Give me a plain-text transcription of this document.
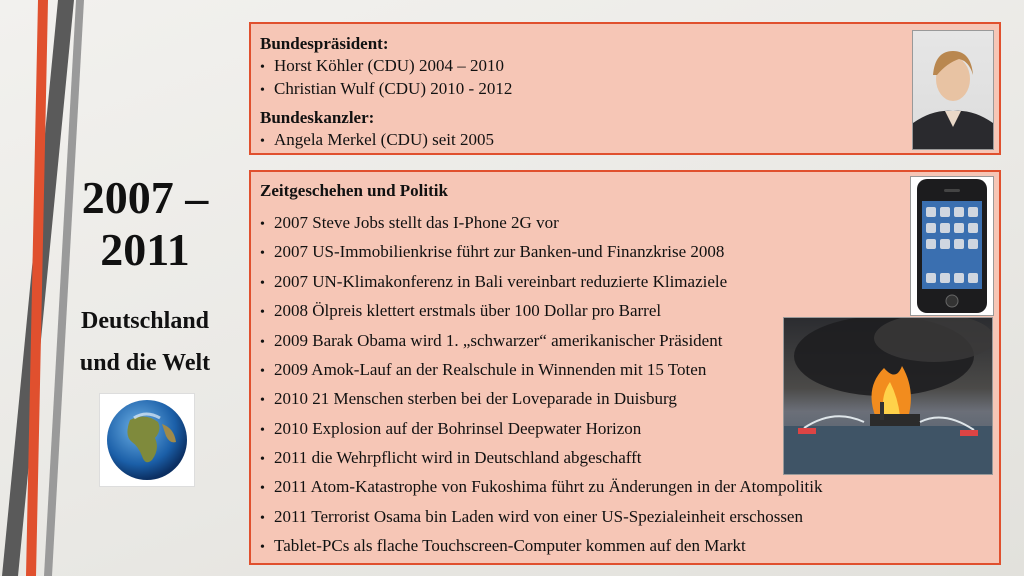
2007 – 2011
Deutschland
und die Welt
Bundespräsident:
• Horst Köhler (CDU) 2004 – 2010
• Christian Wulf (CDU) 2010 - 2012
Bundeskanzler:
• Angela Merkel (CDU) seit 2005
Zeitgeschehen und Politik
• 2007 Steve Jobs stellt das I-Phone 2G vor
• 2007 US-Immobilienkrise führt zur Banken-und Finanzkrise 2008
• 2007 UN-Klimakonferenz in Bali vereinbart reduzierte Klimaziele
• 2008 Ölpreis klettert erstmals über 100 Dollar pro Barrel
• 2009 Barak Obama wird 1. „schwarzer“ amerikanischer Präsident
• 2009 Amok-Lauf an der Realschule in Winnenden mit 15 Toten
• 2010 21 Menschen sterben bei der Loveparade in Duisburg
• 2010 Explosion auf der Bohrinsel Deepwater Horizon
• 2011 die Wehrpflicht wird in Deutschland abgeschafft
• 2011 Atom-Katastrophe von Fukoshima führt zu Änderungen in der Atompolitik
• 2011 Terrorist Osama bin Laden wird von einer US-Spezialeinheit erschossen
• Tablet-PCs als flache Touchscreen-Computer kommen auf den Markt
